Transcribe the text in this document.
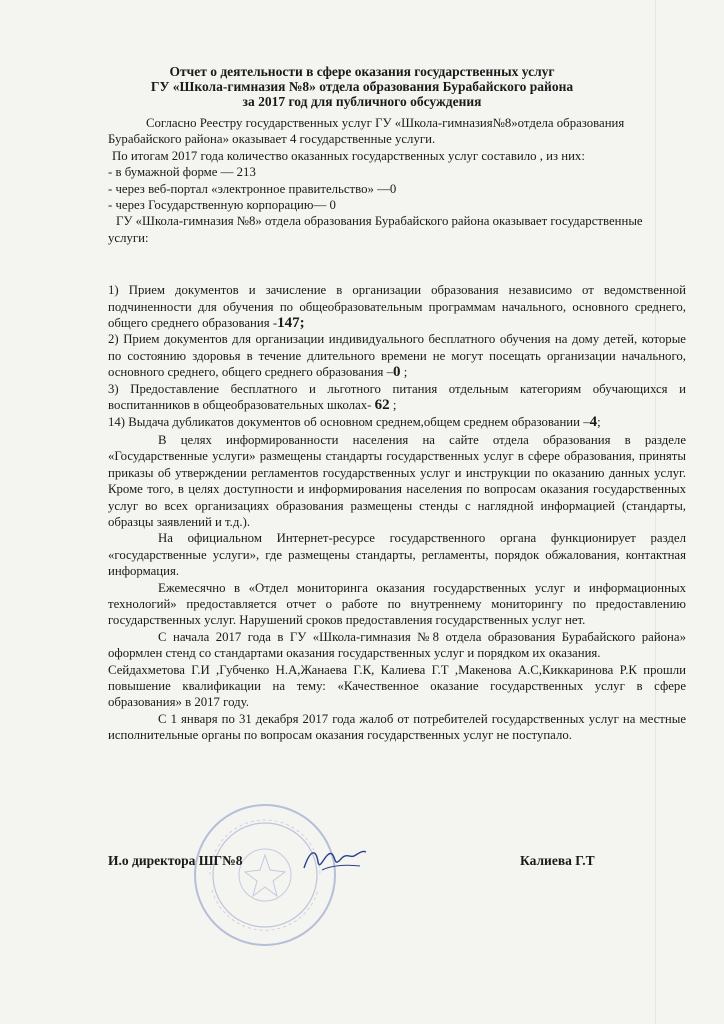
Отчет о деятельности в сфере оказания государственных услуг
ГУ «Школа-гимназия №8» отдела образования Бурабайского района
за 2017 год для публичного обсуждения

Согласно Реестру государственных услуг ГУ «Школа-гимназия№8»отдела образования Бурабайского района» оказывает 4 государственные услуги.

По итогам 2017 года количество оказанных государственных услуг составило , из них:

- в бумажной форме — 213

- через веб-портал «электронное правительство» —0

- через Государственную корпорацию— 0

ГУ «Школа-гимназия №8» отдела образования Бурабайского района оказывает государственные услуги:

1) Прием документов и зачисление в организации образования независимо от ведомственной подчиненности для обучения по общеобразовательным программам начального, основного среднего, общего среднего образования -147;

2) Прием документов для организации индивидуального бесплатного обучения на дому детей, которые по состоянию здоровья в течение длительного времени не могут посещать организации начального, основного среднего, общего среднего образования –0 ;

3) Предоставление бесплатного и льготного питания отдельным категориям обучающихся и воспитанников в общеобразовательных школах- 62 ;

14) Выдача дубликатов документов об основном среднем,общем среднем образовании –4;

В целях информированности населения на сайте отдела образования в разделе «Государственные услуги» размещены стандарты государственных услуг в сфере образования, приняты приказы об утверждении регламентов государственных услуг и инструкции по оказанию данных услуг. Кроме того, в целях доступности и информирования населения по вопросам оказания государственных услуг во всех организациях образования размещены стенды с наглядной информацией (стандарты, образцы заявлений и т.д.).

На официальном Интернет-ресурсе государственного органа функционирует раздел «государственные услуги», где размещены стандарты, регламенты, порядок обжалования, контактная информация.

Ежемесячно в «Отдел мониторинга оказания государственных услуг и информационных технологий» предоставляется отчет о работе по внутреннему мониторингу по предоставлению государственных услуг. Нарушений сроков предоставления государственных услуг нет.

С начала 2017 года в ГУ «Школа-гимназия №8 отдела образования Бурабайского района» оформлен стенд со стандартами оказания государственных услуг и порядком их оказания.

Сейдахметова Г.И ,Губченко Н.А,Жанаева Г.К, Калиева Г.Т ,Макенова А.С,Киккаринова Р.К прошли повышение квалификации на тему: «Качественное оказание государственных услуг в сфере образования» в 2017 году.

С 1 января по 31 декабря 2017 года жалоб от потребителей государственных услуг на местные исполнительные органы по вопросам оказания государственных услуг не поступало.

И.о директора ШГ№8	Калиева Г.Т
